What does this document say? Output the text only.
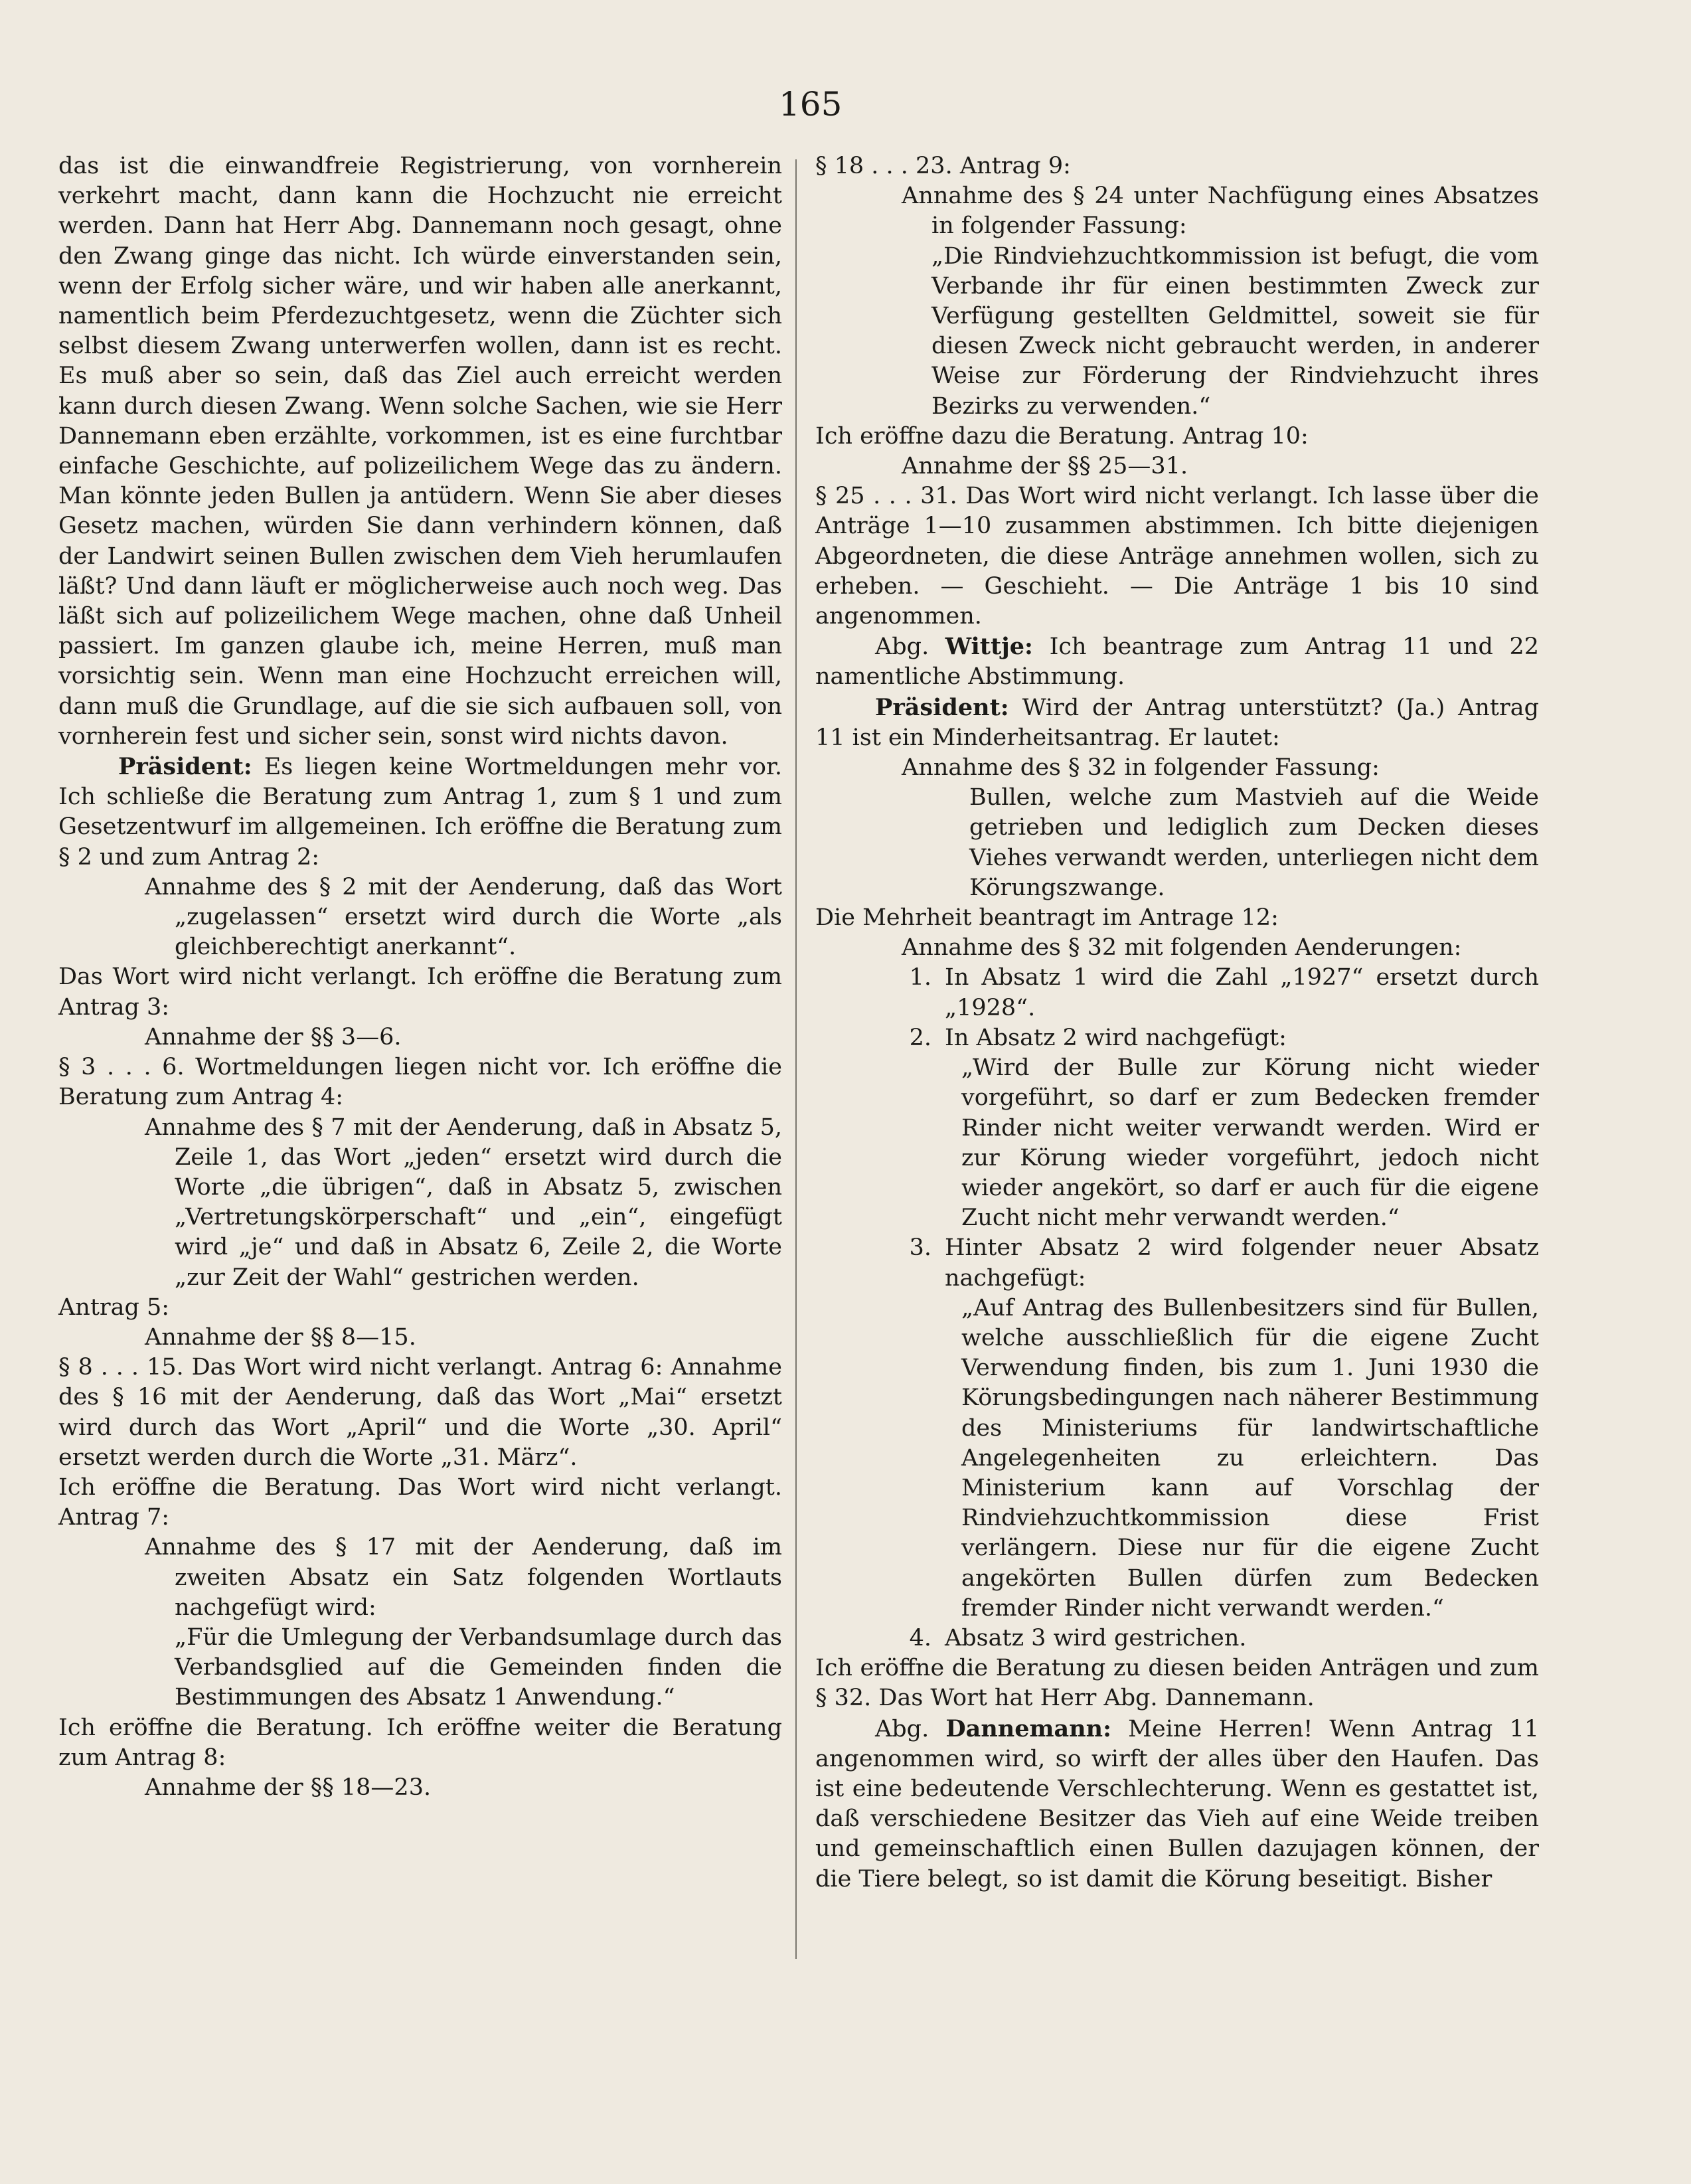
165

das ist die einwandfreie Registrierung, von vornherein verkehrt macht, dann kann die Hochzucht nie erreicht werden. Dann hat Herr Abg. Dannemann noch gesagt, ohne den Zwang ginge das nicht. Ich würde einverstanden sein, wenn der Erfolg sicher wäre, und wir haben alle anerkannt, namentlich beim Pferdezuchtgesetz, wenn die Züchter sich selbst diesem Zwang unterwerfen wollen, dann ist es recht. Es muß aber so sein, daß das Ziel auch erreicht werden kann durch diesen Zwang. Wenn solche Sachen, wie sie Herr Dannemann eben erzählte, vorkommen, ist es eine furchtbar einfache Geschichte, auf polizeilichem Wege das zu ändern. Man könnte jeden Bullen ja antüdern. Wenn Sie aber dieses Gesetz machen, würden Sie dann verhindern können, daß der Landwirt seinen Bullen zwischen dem Vieh herumlaufen läßt? Und dann läuft er möglicherweise auch noch weg. Das läßt sich auf polizeilichem Wege machen, ohne daß Unheil passiert. Im ganzen glaube ich, meine Herren, muß man vorsichtig sein. Wenn man eine Hochzucht erreichen will, dann muß die Grundlage, auf die sie sich aufbauen soll, von vornherein fest und sicher sein, sonst wird nichts davon.

Präsident: Es liegen keine Wortmeldungen mehr vor. Ich schließe die Beratung zum Antrag 1, zum § 1 und zum Gesetzentwurf im allgemeinen. Ich eröffne die Beratung zum § 2 und zum Antrag 2:

Annahme des § 2 mit der Aenderung, daß das Wort „zugelassen“ ersetzt wird durch die Worte „als gleichberechtigt anerkannt“.

Das Wort wird nicht verlangt. Ich eröffne die Beratung zum Antrag 3:

Annahme der §§ 3—6.

§ 3 . . . 6. Wortmeldungen liegen nicht vor. Ich eröffne die Beratung zum Antrag 4:

Annahme des § 7 mit der Aenderung, daß in Absatz 5, Zeile 1, das Wort „jeden“ ersetzt wird durch die Worte „die übrigen“, daß in Absatz 5, zwischen „Vertretungskörperschaft“ und „ein“, eingefügt wird „je“ und daß in Absatz 6, Zeile 2, die Worte „zur Zeit der Wahl“ gestrichen werden.

Antrag 5:

Annahme der §§ 8—15.

§ 8 . . . 15. Das Wort wird nicht verlangt. Antrag 6: Annahme des § 16 mit der Aenderung, daß das Wort „Mai“ ersetzt wird durch das Wort „April“ und die Worte „30. April“ ersetzt werden durch die Worte „31. März“.

Ich eröffne die Beratung. Das Wort wird nicht verlangt. Antrag 7:

Annahme des § 17 mit der Aenderung, daß im zweiten Absatz ein Satz folgenden Wortlauts nachgefügt wird:

„Für die Umlegung der Verbandsumlage durch das Verbandsglied auf die Gemeinden finden die Bestimmungen des Absatz 1 Anwendung.“

Ich eröffne die Beratung. Ich eröffne weiter die Beratung zum Antrag 8:

Annahme der §§ 18—23.

§ 18 . . . 23. Antrag 9:

Annahme des § 24 unter Nachfügung eines Absatzes in folgender Fassung:

„Die Rindviehzuchtkommission ist befugt, die vom Verbande ihr für einen bestimmten Zweck zur Verfügung gestellten Geldmittel, soweit sie für diesen Zweck nicht gebraucht werden, in anderer Weise zur Förderung der Rindviehzucht ihres Bezirks zu verwenden.“

Ich eröffne dazu die Beratung. Antrag 10:

Annahme der §§ 25—31.

§ 25 . . . 31. Das Wort wird nicht verlangt. Ich lasse über die Anträge 1—10 zusammen abstimmen. Ich bitte diejenigen Abgeordneten, die diese Anträge annehmen wollen, sich zu erheben. — Geschieht. — Die Anträge 1 bis 10 sind angenommen.

Abg. Wittje: Ich beantrage zum Antrag 11 und 22 namentliche Abstimmung.

Präsident: Wird der Antrag unterstützt? (Ja.) Antrag 11 ist ein Minderheitsantrag. Er lautet:

Annahme des § 32 in folgender Fassung:

Bullen, welche zum Mastvieh auf die Weide getrieben und lediglich zum Decken dieses Viehes verwandt werden, unterliegen nicht dem Körungszwange.

Die Mehrheit beantragt im Antrage 12:

Annahme des § 32 mit folgenden Aenderungen:

1. In Absatz 1 wird die Zahl „1927“ ersetzt durch „1928“.
2. In Absatz 2 wird nachgefügt:

„Wird der Bulle zur Körung nicht wieder vorgeführt, so darf er zum Bedecken fremder Rinder nicht weiter verwandt werden. Wird er zur Körung wieder vorgeführt, jedoch nicht wieder angekört, so darf er auch für die eigene Zucht nicht mehr verwandt werden.“

3. Hinter Absatz 2 wird folgender neuer Absatz nachgefügt:

„Auf Antrag des Bullenbesitzers sind für Bullen, welche ausschließlich für die eigene Zucht Verwendung finden, bis zum 1. Juni 1930 die Körungsbedingungen nach näherer Bestimmung des Ministeriums für landwirtschaftliche Angelegenheiten zu erleichtern. Das Ministerium kann auf Vorschlag der Rindviehzuchtkommission diese Frist verlängern. Diese nur für die eigene Zucht angekörten Bullen dürfen zum Bedecken fremder Rinder nicht verwandt werden.“

4. Absatz 3 wird gestrichen.

Ich eröffne die Beratung zu diesen beiden Anträgen und zum § 32. Das Wort hat Herr Abg. Dannemann.

Abg. Dannemann: Meine Herren! Wenn Antrag 11 angenommen wird, so wirft der alles über den Haufen. Das ist eine bedeutende Verschlechterung. Wenn es gestattet ist, daß verschiedene Besitzer das Vieh auf eine Weide treiben und gemeinschaftlich einen Bullen dazujagen können, der die Tiere belegt, so ist damit die Körung beseitigt. Bisher
